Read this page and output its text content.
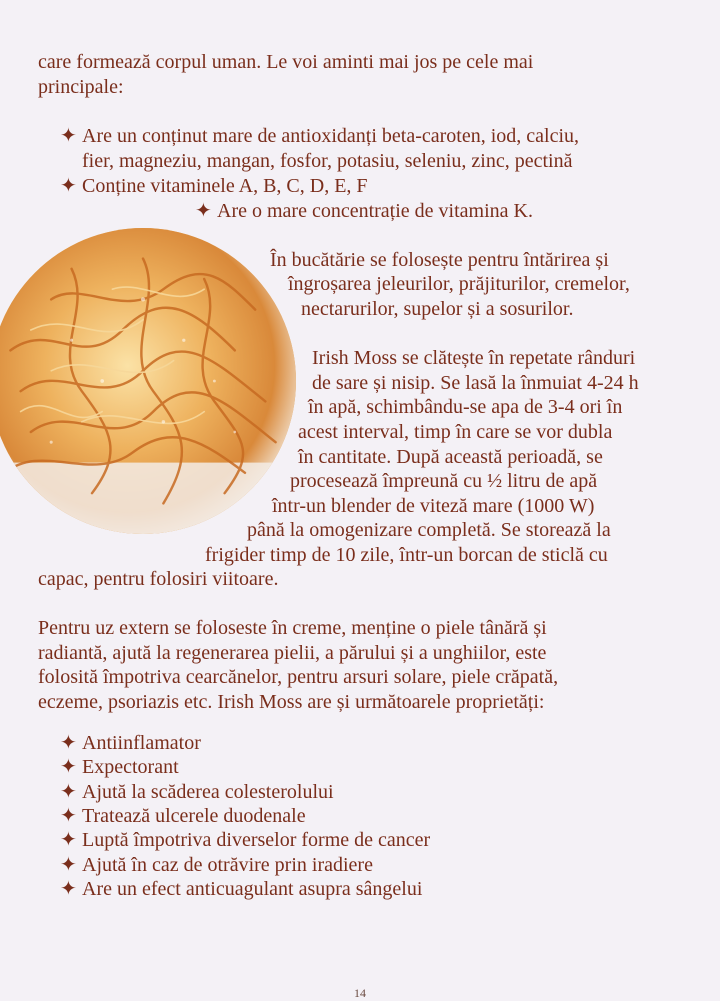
care formează corpul uman. Le voi aminti mai jos pe cele mai
principale:
✦ Are un conținut mare de antioxidanți beta-caroten, iod, calciu,
fier, magneziu, mangan, fosfor, potasiu, seleniu, zinc, pectină
✦ Conține vitaminele A, B, C, D, E, F
✦ Are o mare concentrație de vitamina K.
În bucătărie se folosește pentru întărirea și
îngroșarea jeleurilor, prăjiturilor, cremelor,
nectarurilor, supelor și a sosurilor.
Irish Moss se clătește în repetate rânduri
de sare și nisip. Se lasă la înmuiat 4-24 h
în apă, schimbându-se apa de 3-4 ori în
acest interval, timp în care se vor dubla
în cantitate. După această perioadă, se
procesează împreună cu ½ litru de apă
într-un blender de viteză mare (1000 W)
până la omogenizare completă. Se storează la
frigider timp de 10 zile, într-un borcan de sticlă cu
capac, pentru folosiri viitoare.
Pentru uz extern se foloseste în creme, menține o piele tânără și
radiantă, ajută la regenerarea pielii, a părului și a unghiilor, este
folosită împotriva cearcănelor, pentru arsuri solare, piele crăpată,
eczeme, psoriazis etc. Irish Moss are și următoarele proprietăți:
✦ Antiinflamator
✦ Expectorant
✦ Ajută la scăderea colesterolului
✦ Tratează ulcerele duodenale
✦ Luptă împotriva diverselor forme de cancer
✦ Ajută în caz de otrăvire prin iradiere
✦ Are un efect anticuagulant asupra sângelui
14
